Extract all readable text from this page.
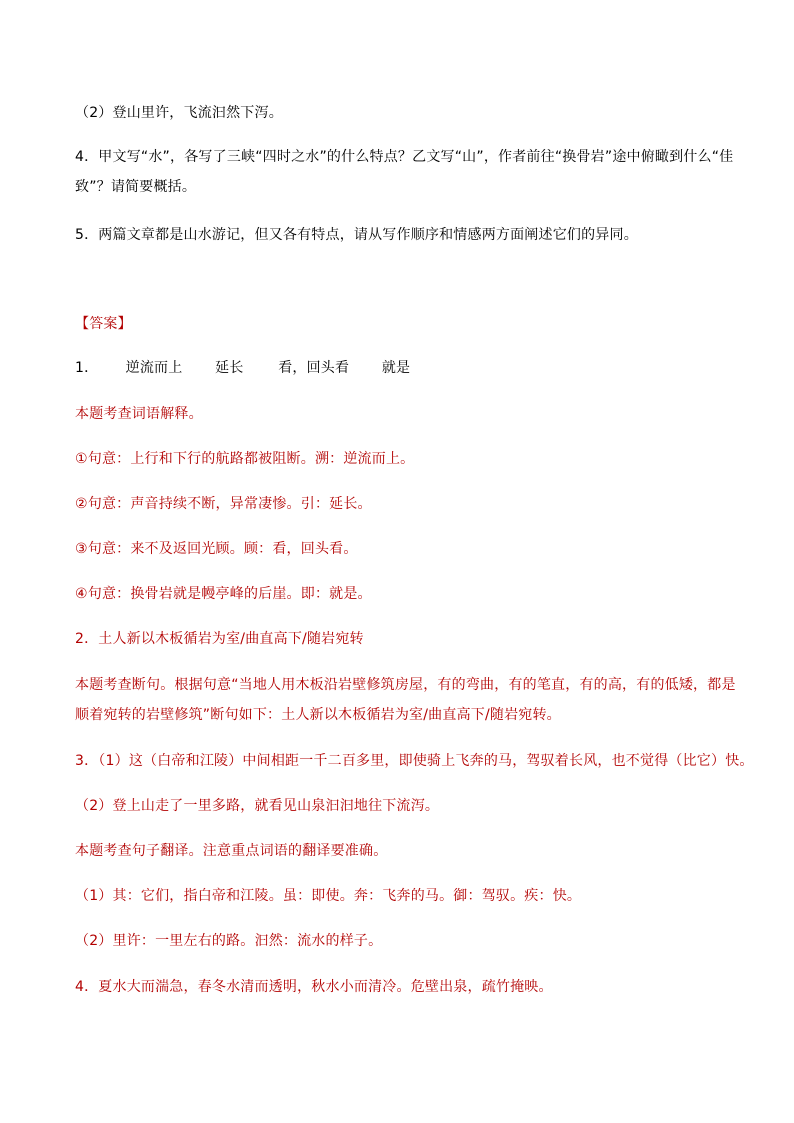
（2）登山里许，飞流汩然下泻。
4．甲文写“水”，各写了三峡“四时之水”的什么特点？乙文写“山”，作者前往“换骨岩”途中俯瞰到什么“佳
致”？请简要概括。
5．两篇文章都是山水游记，但又各有特点，请从写作顺序和情感两方面阐述它们的异同。
【答案】
1． 逆流而上 延长 看，回头看 就是
本题考查词语解释。
①句意：上行和下行的航路都被阻断。溯：逆流而上。
②句意：声音持续不断，异常凄惨。引：延长。
③句意：来不及返回光顾。顾：看，回头看。
④句意：换骨岩就是幔亭峰的后崖。即：就是。
2．土人新以木板循岩为室/曲直高下/随岩宛转
本题考查断句。根据句意“当地人用木板沿岩壁修筑房屋，有的弯曲，有的笔直，有的高，有的低矮，都是
顺着宛转的岩壁修筑”断句如下：土人新以木板循岩为室/曲直高下/随岩宛转。
3．（1）这（白帝和江陵）中间相距一千二百多里，即使骑上飞奔的马，驾驭着长风，也不觉得（比它）快。
（2）登上山走了一里多路，就看见山泉汩汩地往下流泻。
本题考查句子翻译。注意重点词语的翻译要准确。
（1）其：它们，指白帝和江陵。虽：即使。奔：飞奔的马。御：驾驭。疾：快。
（2）里许：一里左右的路。汩然：流水的样子。
4．夏水大而湍急，春冬水清而透明，秋水小而清冷。危壁出泉，疏竹掩映。
